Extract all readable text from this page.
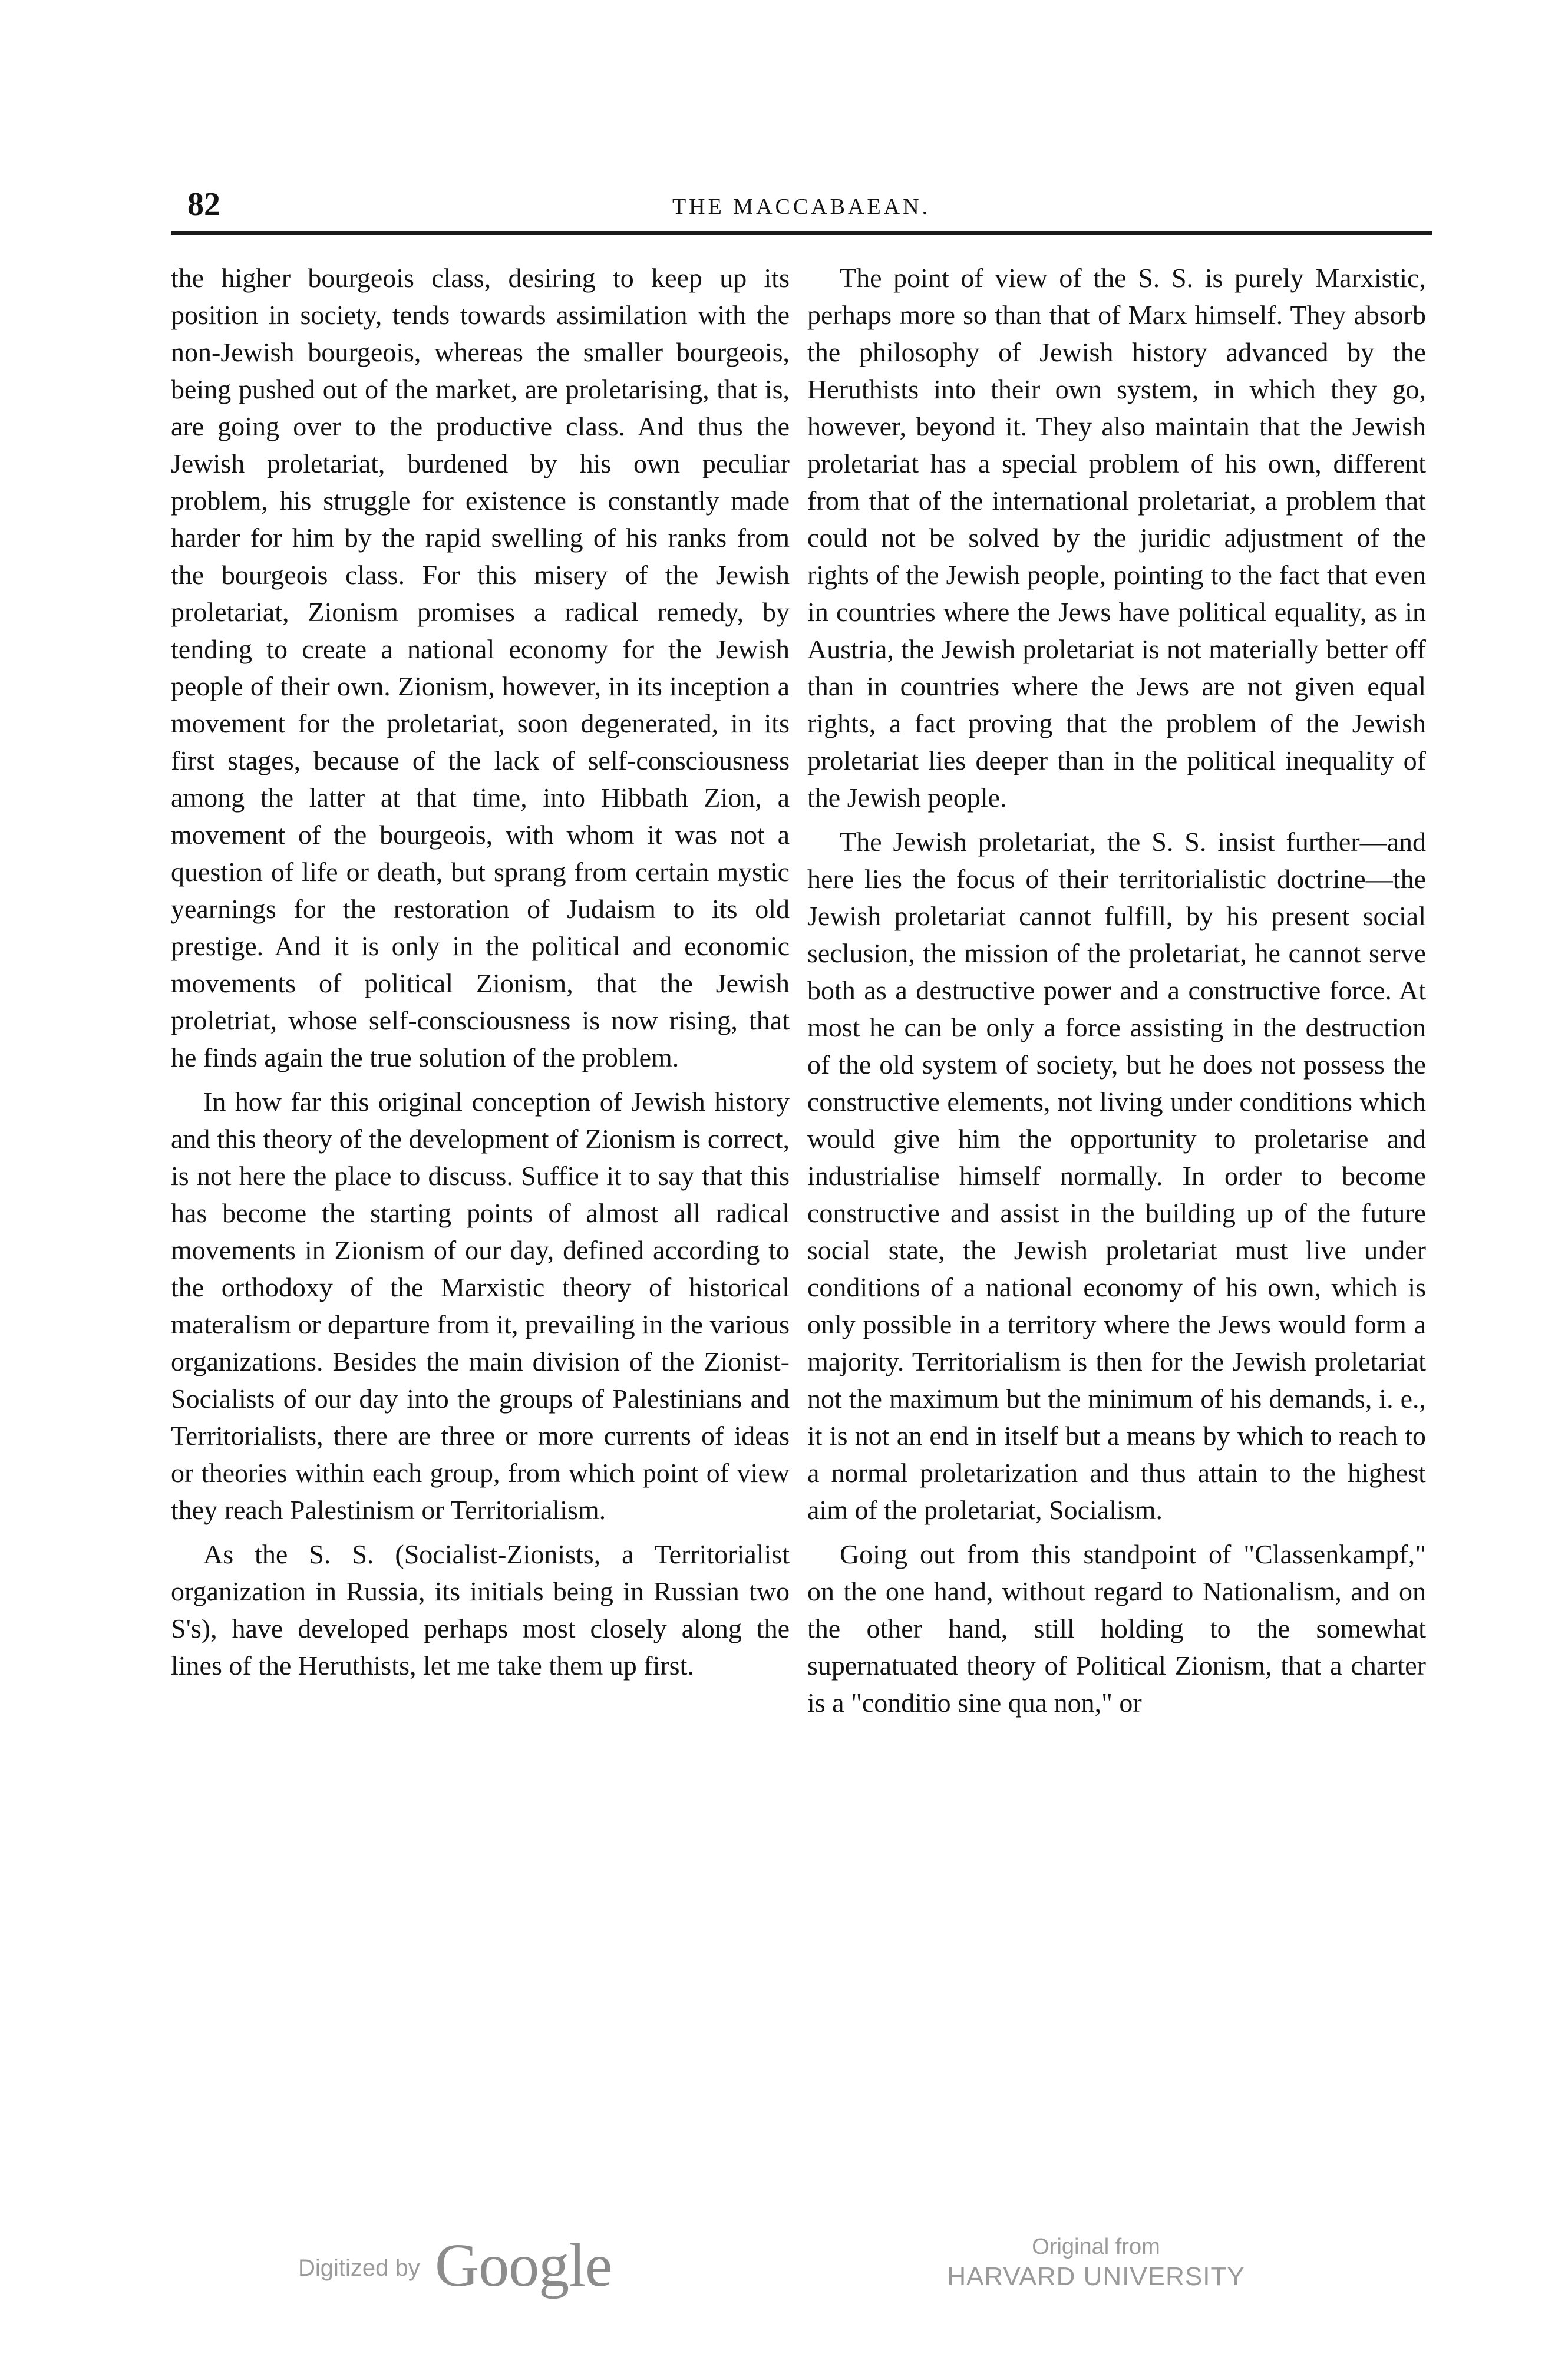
82	THE MACCABAEAN.

the higher bourgeois class, desiring to keep up its position in society, tends towards assimilation with the non-Jewish bourgeois, whereas the smaller bourgeois, being pushed out of the market, are proletarising, that is, are going over to the productive class. And thus the Jewish proletariat, burdened by his own peculiar problem, his struggle for existence is constantly made harder for him by the rapid swelling of his ranks from the bourgeois class. For this misery of the Jewish proletariat, Zionism promises a radical remedy, by tending to create a national economy for the Jewish people of their own. Zionism, however, in its inception a movement for the proletariat, soon degenerated, in its first stages, because of the lack of self-consciousness among the latter at that time, into Hibbath Zion, a movement of the bourgeois, with whom it was not a question of life or death, but sprang from certain mystic yearnings for the restoration of Judaism to its old prestige. And it is only in the political and economic movements of political Zionism, that the Jewish proletriat, whose self-consciousness is now rising, that he finds again the true solution of the problem.

In how far this original conception of Jewish history and this theory of the development of Zionism is correct, is not here the place to discuss. Suffice it to say that this has become the starting points of almost all radical movements in Zionism of our day, defined according to the orthodoxy of the Marxistic theory of historical materalism or departure from it, prevailing in the various organizations. Besides the main division of the Zionist-Socialists of our day into the groups of Palestinians and Territorialists, there are three or more currents of ideas or theories within each group, from which point of view they reach Palestinism or Territorialism.

As the S. S. (Socialist-Zionists, a Territorialist organization in Russia, its initials being in Russian two S's), have developed perhaps most closely along the lines of the Heruthists, let me take them up first.

The point of view of the S. S. is purely Marxistic, perhaps more so than that of Marx himself. They absorb the philosophy of Jewish history advanced by the Heruthists into their own system, in which they go, however, beyond it. They also maintain that the Jewish proletariat has a special problem of his own, different from that of the international proletariat, a problem that could not be solved by the juridic adjustment of the rights of the Jewish people, pointing to the fact that even in countries where the Jews have political equality, as in Austria, the Jewish proletariat is not materially better off than in countries where the Jews are not given equal rights, a fact proving that the problem of the Jewish proletariat lies deeper than in the political inequality of the Jewish people.

The Jewish proletariat, the S. S. insist further—and here lies the focus of their territorialistic doctrine—the Jewish proletariat cannot fulfill, by his present social seclusion, the mission of the proletariat, he cannot serve both as a destructive power and a constructive force. At most he can be only a force assisting in the destruction of the old system of society, but he does not possess the constructive elements, not living under conditions which would give him the opportunity to proletarise and industrialise himself normally. In order to become constructive and assist in the building up of the future social state, the Jewish proletariat must live under conditions of a national economy of his own, which is only possible in a territory where the Jews would form a majority. Territorialism is then for the Jewish proletariat not the maximum but the minimum of his demands, i. e., it is not an end in itself but a means by which to reach to a normal proletarization and thus attain to the highest aim of the proletariat, Socialism.

Going out from this standpoint of "Classenkampf," on the one hand, without regard to Nationalism, and on the other hand, still holding to the somewhat supernatuated theory of Political Zionism, that a charter is a "conditio sine qua non," or

Digitized by Google	Original from
HARVARD UNIVERSITY
